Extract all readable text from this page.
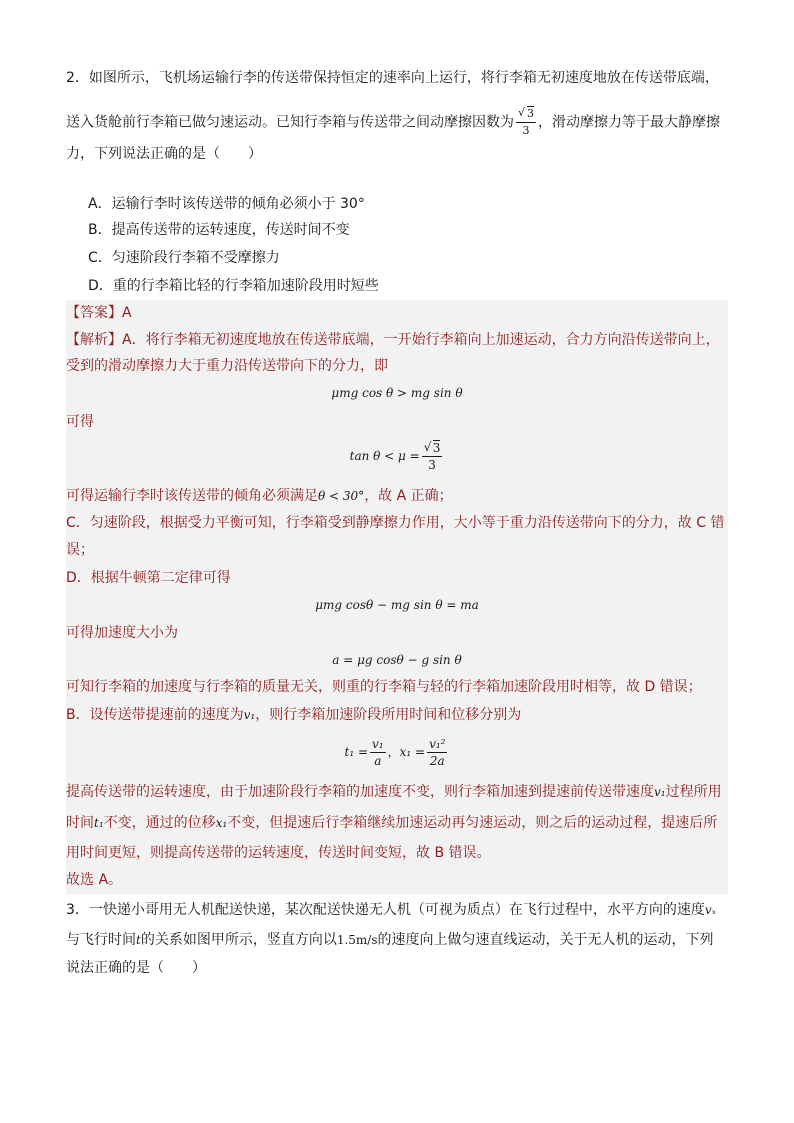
2．如图所示，飞机场运输行李的传送带保持恒定的速率向上运行，将行李箱无初速度地放在传送带底端，
送入货舱前行李箱已做匀速运动。已知行李箱与传送带之间动摩擦因数为 √ $\frac{3}{3}$ ，滑动摩擦力等于最大静摩擦
力，下列说法正确的是（　　）
A．运输行李时该传送带的倾角必须小于 30°
B．提高传送带的运转速度，传送时间不变
C．匀速阶段行李箱不受摩擦力
D．重的行李箱比轻的行李箱加速阶段用时短些
【答案】A
【解析】A．将行李箱无初速度地放在传送带底端，一开始行李箱向上加速运动，合力方向沿传送带向上，
受到的滑动摩擦力大于重力沿传送带向下的分力，即
μmg cos θ > mg sin θ
可得
tan θ < μ = √ $\frac{3}{3}$
可得运输行李时该传送带的倾角必须满足θ < 30°，故 A 正确；
C．匀速阶段，根据受力平衡可知，行李箱受到静摩擦力作用，大小等于重力沿传送带向下的分力，故 C 错
误；
D．根据牛顿第二定律可得
μmg cosθ − mg sin θ = ma
可得加速度大小为
a = μg cosθ − g sin θ
可知行李箱的加速度与行李箱的质量无关，则重的行李箱与轻的行李箱加速阶段用时相等，故 D 错误；
B．设传送带提速前的速度为v₁，则行李箱加速阶段所用时间和位移分别为
$t_1 = \frac{\text{v₁}}{a}$ ，$x_1 = \frac{\text{v₁²}}{2a}$
提高传送带的运转速度，由于加速阶段行李箱的加速度不变，则行李箱加速到提速前传送带速度v₁过程所用
时间t₁不变，通过的位移x₁不变，但提速后行李箱继续加速运动再匀速运动，则之后的运动过程，提速后所
用时间更短，则提高传送带的运转速度，传送时间变短，故 B 错误。
故选 A。
3．一快递小哥用无人机配送快递，某次配送快递无人机（可视为质点）在飞行过程中，水平方向的速度vₓ
与飞行时间t的关系如图甲所示，竖直方向以1.5m/s的速度向上做匀速直线运动，关于无人机的运动，下列
说法正确的是（　　）
